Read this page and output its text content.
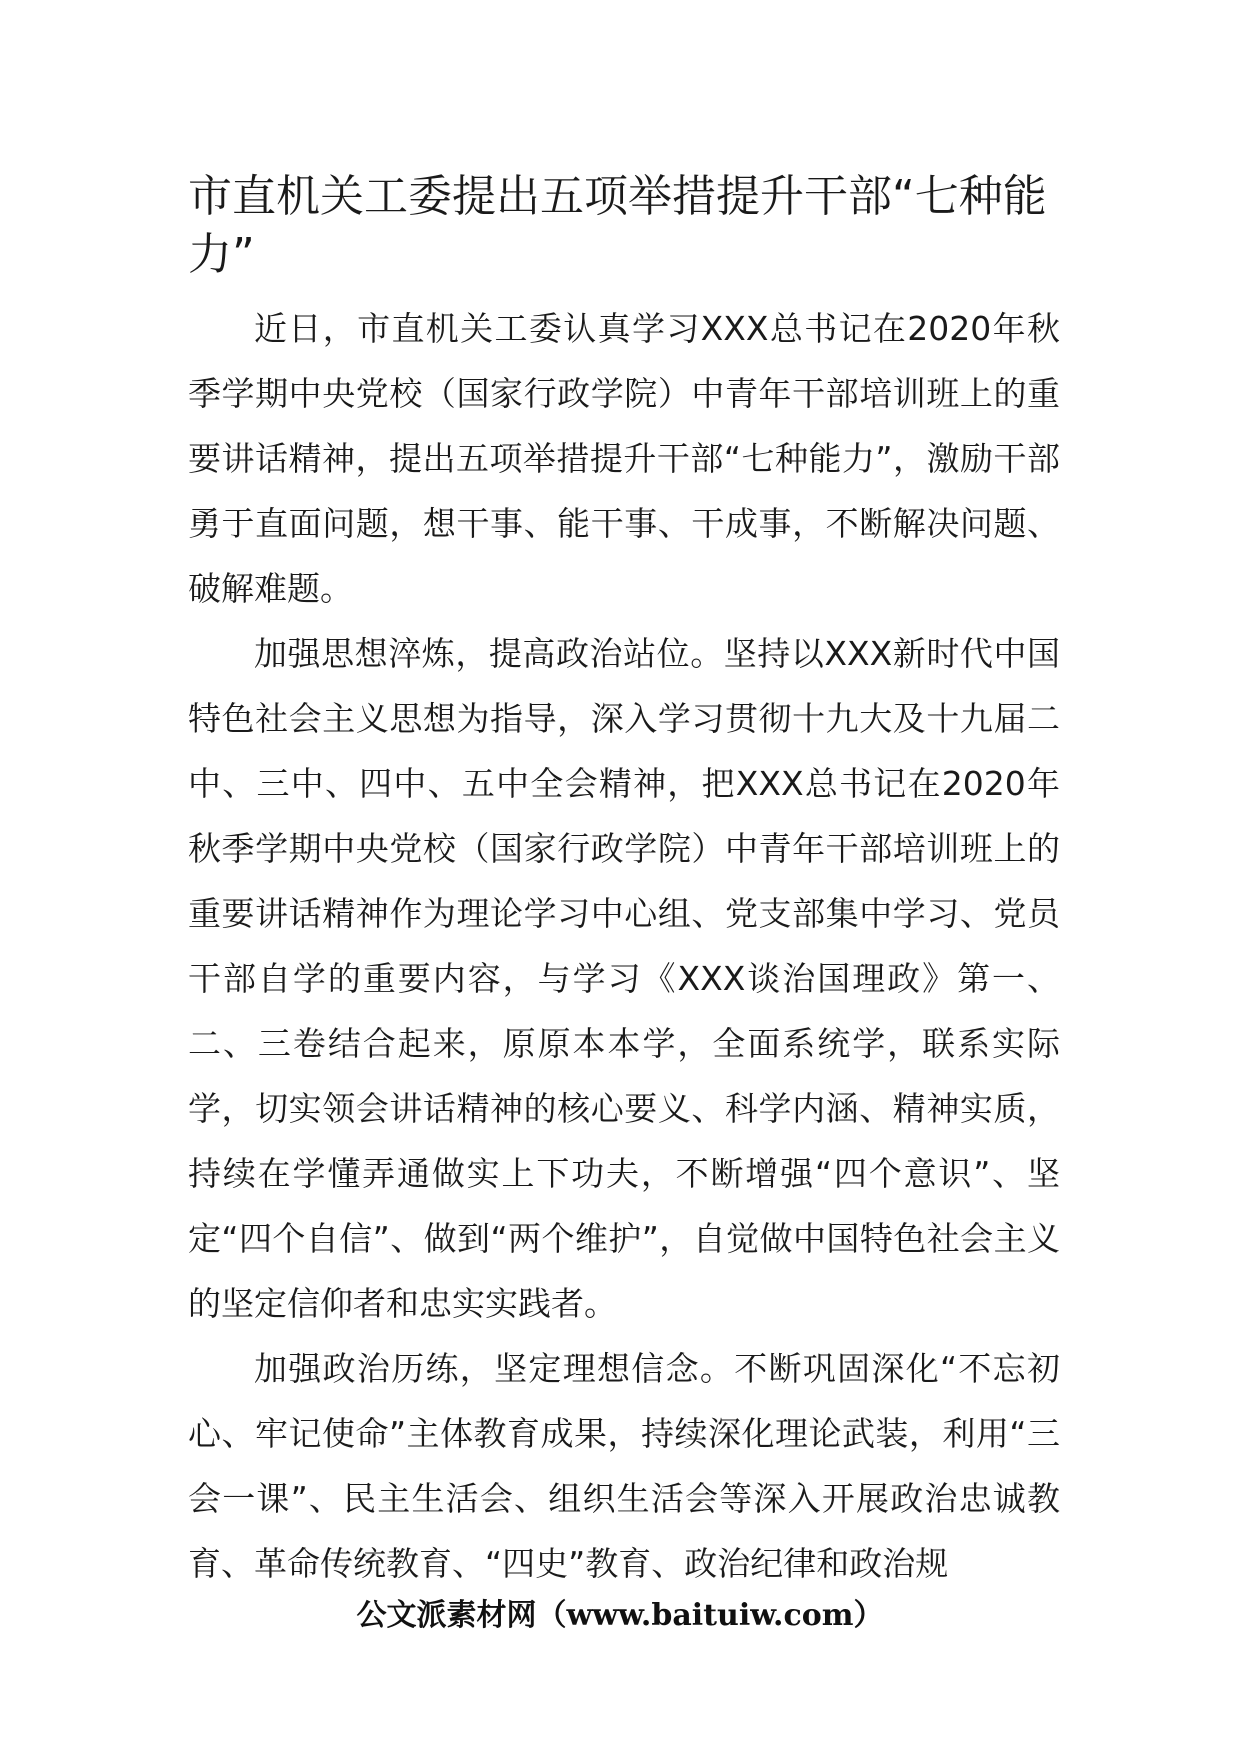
市直机关工委提出五项举措提升干部“七种能力”

近日，市直机关工委认真学习XXX总书记在2020年秋季学期中央党校（国家行政学院）中青年干部培训班上的重要讲话精神，提出五项举措提升干部“七种能力”，激励干部勇于直面问题，想干事、能干事、干成事，不断解决问题、破解难题。

加强思想淬炼，提高政治站位。坚持以XXX新时代中国特色社会主义思想为指导，深入学习贯彻十九大及十九届二中、三中、四中、五中全会精神，把XXX总书记在2020年秋季学期中央党校（国家行政学院）中青年干部培训班上的重要讲话精神作为理论学习中心组、党支部集中学习、党员干部自学的重要内容，与学习《XXX谈治国理政》第一、二、三卷结合起来，原原本本学，全面系统学，联系实际学，切实领会讲话精神的核心要义、科学内涵、精神实质，持续在学懂弄通做实上下功夫，不断增强“四个意识”、坚定“四个自信”、做到“两个维护”，自觉做中国特色社会主义的坚定信仰者和忠实实践者。

加强政治历练，坚定理想信念。不断巩固深化“不忘初心、牢记使命”主体教育成果，持续深化理论武装，利用“三会一课”、民主生活会、组织生活会等深入开展政治忠诚教育、革命传统教育、“四史”教育、政治纪律和政治规

公文派素材网（www.baituiw.com）
